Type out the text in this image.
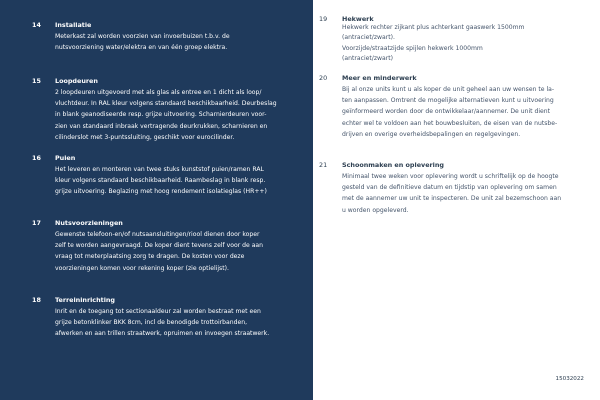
14 Installatie
Meterkast zal worden voorzien van invoerbuizen t.b.v. de
nutsvoorziening water/elektra en van één groep elektra.
15 Loopdeuren
2 loopdeuren uitgevoerd met als glas als entree en 1 dicht als loop/
vluchtdeur. In RAL kleur volgens standaard beschikbaarheid. Deurbeslag
in blank geanodiseerde resp. grijze uitvoering. Scharnierdeuren voor-
zien van standaard inbraak vertragende deurkrukken, scharnieren en
cilinderslot met 3-puntssluiting, geschikt voor eurocilinder.
16 Puien
Het leveren en monteren van twee stuks kunststof puien/ramen RAL
kleur volgens standaard beschikbaarheid. Raambeslag in blank resp.
grijze uitvoering. Beglazing met hoog rendement isolatieglas (HR++)
17 Nutsvoorzieningen
Gewenste telefoon-en/of nutsaansluitingen/riool dienen door koper
zelf te worden aangevraagd. De koper dient tevens zelf voor de aan
vraag tot meterplaatsing zorg te dragen. De kosten voor deze
voorzieningen komen voor rekening koper (zie optielijst).
18 Terreininrichting
Inrit en de toegang tot sectionaaldeur zal worden bestraat met een
grijze betonklinker BKK 8cm, incl de benodigde trottoirbanden,
afwerken en aan trillen straatwerk, opruimen en invoegen straatwerk.
19 Hekwerk
Hekwerk rechter zijkant plus achterkant gaaswerk 1500mm
(antraciet/zwart).
Voorzijde/straatzijde spijlen hekwerk 1000mm
(antraciet/zwart)
20 Meer en minderwerk
Bij al onze units kunt u als koper de unit geheel aan uw wensen te la-
ten aanpassen. Omtrent de mogelijke alternatieven kunt u uitvoering
geïnformeerd worden door de ontwikkelaar/aannemer. De unit dient
echter wel te voldoen aan het bouwbesluiten, de eisen van de nutsbe-
drijven en overige overheidsbepalingen en regelgevingen.
21 Schoonmaken en oplevering
Minimaal twee weken voor oplevering wordt u schriftelijk op de hoogte
gesteld van de definitieve datum en tijdstip van oplevering om samen
met de aannemer uw unit te inspecteren. De unit zal bezemschoon aan
u worden opgeleverd.
15032022
